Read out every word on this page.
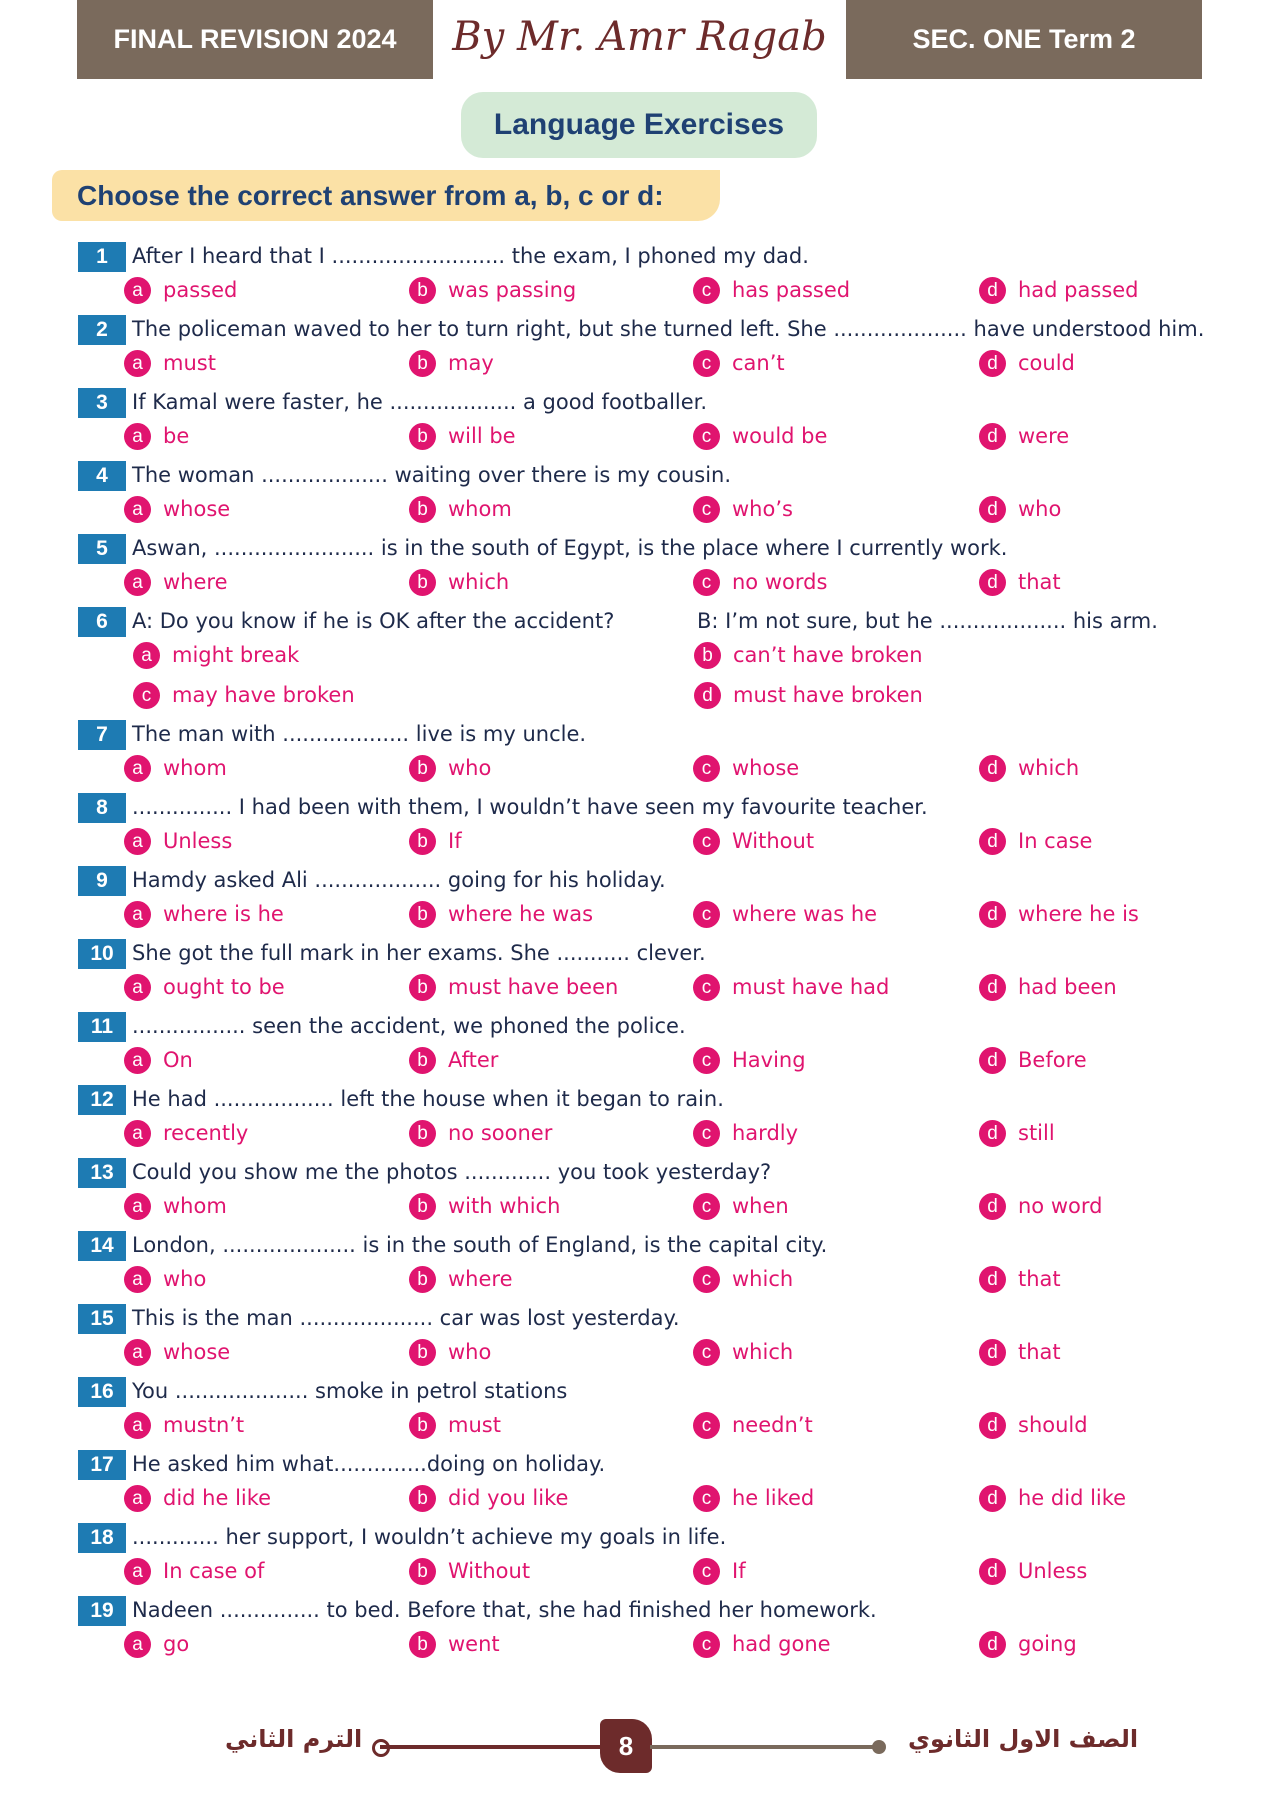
FINAL REVISION 2024	By Mr. Amr Ragab	SEC. ONE Term 2
Language Exercises
Choose the correct answer from a, b, c or d:
1	After I heard that I .......................... the exam, I phoned my dad.
a passed	b was passing	c has passed	d had passed
2	The policeman waved to her to turn right, but she turned left. She .................... have understood him.
a must	b may	c can’t	d could
3	If Kamal were faster, he ................... a good footballer.
a be	b will be	c would be	d were
4	The woman ................... waiting over there is my cousin.
a whose	b whom	c who’s	d who
5	Aswan, ........................ is in the south of Egypt, is the place where I currently work.
a where	b which	c no words	d that
6	A: Do you know if he is OK after the accident?	B: I’m not sure, but he ................... his arm.
a might break	b can’t have broken
c may have broken	d must have broken
7	The man with ................... live is my uncle.
a whom	b who	c whose	d which
8	............... I had been with them, I wouldn’t have seen my favourite teacher.
a Unless	b If	c Without	d In case
9	Hamdy asked Ali ................... going for his holiday.
a where is he	b where he was	c where was he	d where he is
10 She got the full mark in her exams. She ........... clever.
a ought to be	b must have been	c must have had	d had been
11 ................. seen the accident, we phoned the police.
a On	b After	c Having	d Before
12 He had .................. left the house when it began to rain.
a recently	b no sooner	c hardly	d still
13 Could you show me the photos ............. you took yesterday?
a whom	b with which	c when	d no word
14 London, .................... is in the south of England, is the capital city.
a who	b where	c which	d that
15 This is the man .................... car was lost yesterday.
a whose	b who	c which	d that
16 You .................... smoke in petrol stations
a mustn’t	b must	c needn’t	d should
17 He asked him what..............doing on holiday.
a did he like	b did you like	c he liked	d he did like
18 ............. her support, I wouldn’t achieve my goals in life.
a In case of	b Without	c If	d Unless
19 Nadeen ............... to bed. Before that, she had finished her homework.
a go	b went	c had gone	d going
الترم الثاني	8	الصف الاول الثانوي
